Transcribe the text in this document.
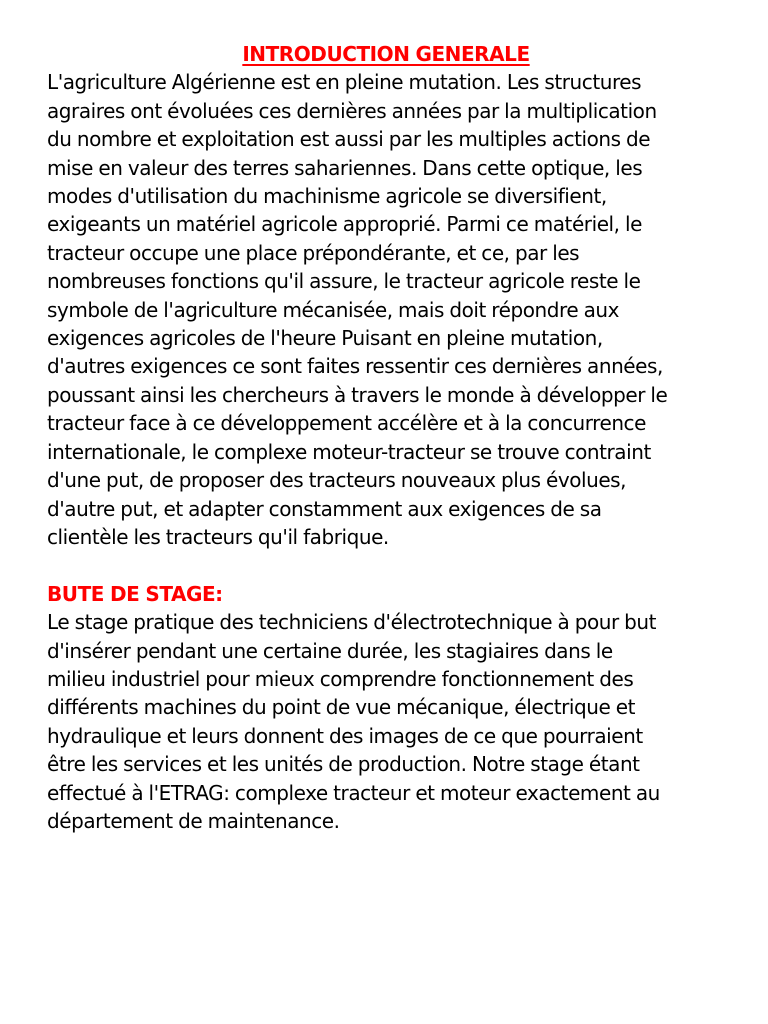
INTRODUCTION GENERALE
L'agriculture Algérienne est en pleine mutation. Les structures
agraires ont évoluées ces dernières années par la multiplication
du nombre et exploitation est aussi par les multiples actions de
mise en valeur des terres sahariennes. Dans cette optique, les
modes d'utilisation du machinisme agricole se diversifient,
exigeants un matériel agricole approprié. Parmi ce matériel, le
tracteur occupe une place prépondérante, et ce, par les
nombreuses fonctions qu'il assure, le tracteur agricole reste le
symbole de l'agriculture mécanisée, mais doit répondre aux
exigences agricoles de l'heure Puisant en pleine mutation,
d'autres exigences ce sont faites ressentir ces dernières années,
poussant ainsi les chercheurs à travers le monde à développer le
tracteur face à ce développement accélère et à la concurrence
internationale, le complexe moteur-tracteur se trouve contraint
d'une put, de proposer des tracteurs nouveaux plus évolues,
d'autre put, et adapter constamment aux exigences de sa
clientèle les tracteurs qu'il fabrique.
BUTE DE STAGE:
Le stage pratique des techniciens d'électrotechnique à pour but
d'insérer pendant une certaine durée, les stagiaires dans le
milieu industriel pour mieux comprendre fonctionnement des
différents machines du point de vue mécanique, électrique et
hydraulique et leurs donnent des images de ce que pourraient
être les services et les unités de production. Notre stage étant
effectué à l'ETRAG: complexe tracteur et moteur exactement au
département de maintenance.
